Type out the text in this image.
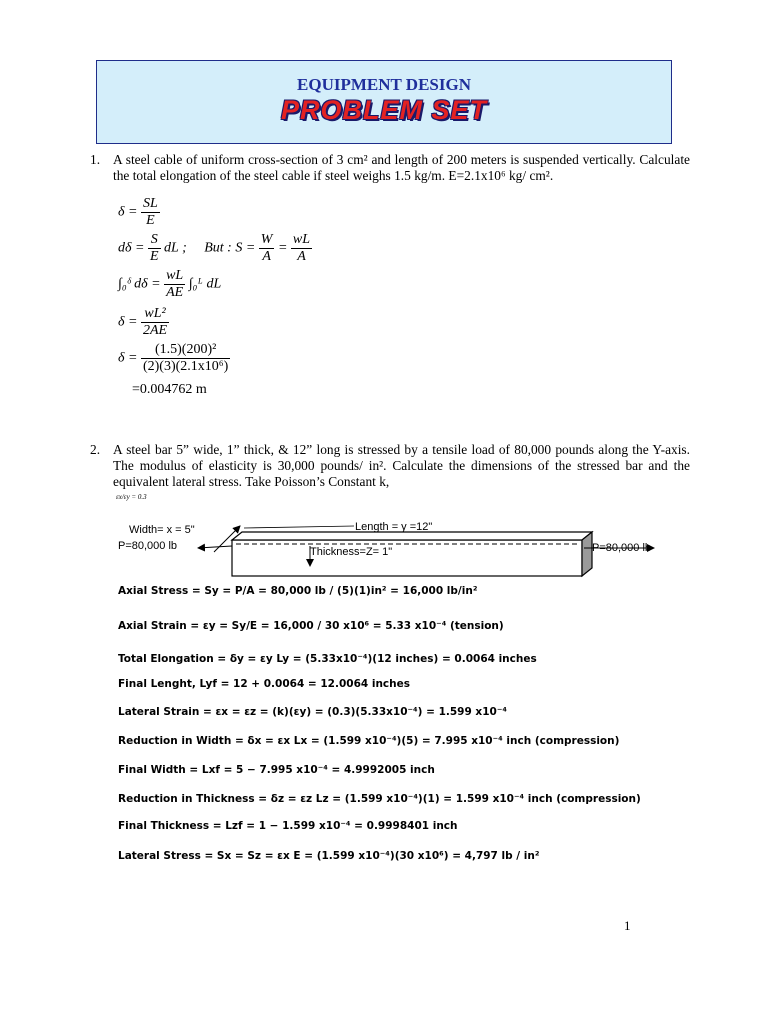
EQUIPMENT DESIGN
PROBLEM SET
1. A steel cable of uniform cross-section of 3 cm² and length of 200 meters is suspended vertically. Calculate the total elongation of the steel cable if steel weighs 1.5 kg/m. E=2.1x10⁶ kg/ cm².
$\delta = \frac{SL}{E}$
$d\delta = \frac{S}{E}$ dL ; But : $S = \frac{W}{A} = \frac{wL}{A}$
∫₀ᵟ $d\delta = \frac{wL}{AE}$ ∫₀ᴸ dL
$\delta = \frac{\text{wL²}}{2AE}$
$\delta = \frac{\text{(1.5)(200)²}}{\text{(2)(3)(2.1x10⁶)}}$
=0.004762 m
2. A steel bar 5” wide, 1” thick, & 12” long is stressed by a tensile load of 80,000 pounds along the Y-axis. The modulus of elasticity is 30,000 pounds/ in². Calculate the dimensions of the stressed bar and the equivalent lateral stress. Take Poisson’s Constant k,
εx/εy = 0.3
Width= x = 5"	Length = y =12"
Thickness=Z= 1"
P=80,000 lb	P=80,000 lb
Axial Stress = Sy = P/A = 80,000 lb / (5)(1)in² = 16,000 lb/in²
Axial Strain = εy = Sy/E = 16,000 / 30 x10⁶ = 5.33 x10⁻⁴ (tension)
Total Elongation = δy = εy Ly = (5.33x10⁻⁴)(12 inches) = 0.0064 inches
Final Lenght, Lyf = 12 + 0.0064 = 12.0064 inches
Lateral Strain = εx = εz = (k)(εy) = (0.3)(5.33x10⁻⁴) = 1.599 x10⁻⁴
Reduction in Width = δx = εx Lx = (1.599 x10⁻⁴)(5) = 7.995 x10⁻⁴ inch (compression)
Final Width = Lxf = 5 − 7.995 x10⁻⁴ = 4.9992005 inch
Reduction in Thickness = δz = εz Lz = (1.599 x10⁻⁴)(1) = 1.599 x10⁻⁴ inch (compression)
Final Thickness = Lzf = 1 − 1.599 x10⁻⁴ = 0.9998401 inch
Lateral Stress = Sx = Sz = εx E = (1.599 x10⁻⁴)(30 x10⁶) = 4,797 lb / in²
1
